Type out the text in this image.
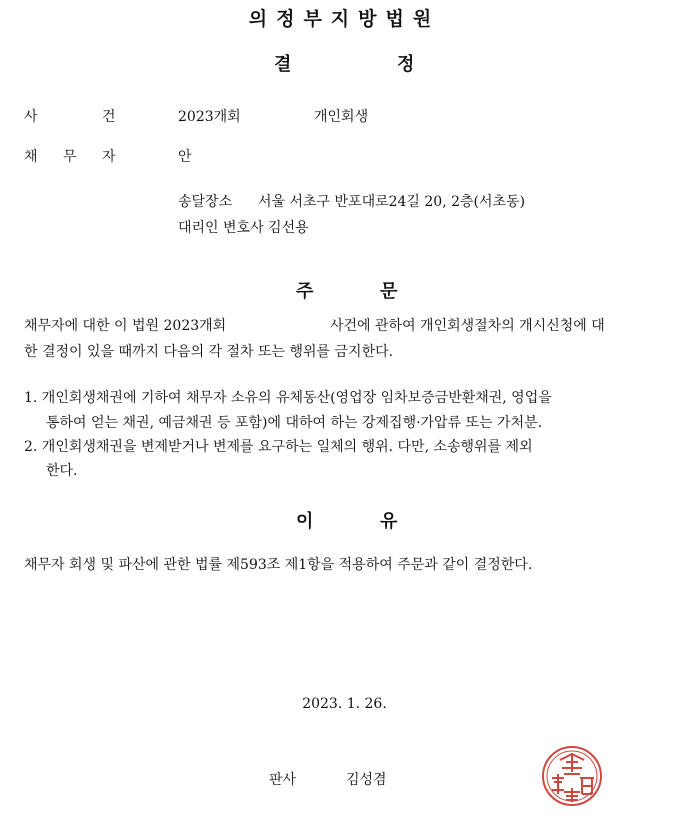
의정부지방법원
결	정
사	건	2023개회	개인회생
채 무 자	안
송달장소 서울 서초구 반포대로24길 20, 2층(서초동)
대리인 변호사 김선용
주	문
채무자에 대한 이 법원 2023개회	사건에 관하여 개인회생절차의 개시신청에 대
한 결정이 있을 때까지 다음의 각 절차 또는 행위를 금지한다.
1. 개인회생채권에 기하여 채무자 소유의 유체동산(영업장 임차보증금반환채권, 영업을
통하여 얻는 채권, 예금채권 등 포함)에 대하여 하는 강제집행·가압류 또는 가처분.
2. 개인회생채권을 변제받거나 변제를 요구하는 일체의 행위. 다만, 소송행위를 제외
한다.
이	유
채무자 회생 및 파산에 관한 법률 제593조 제1항을 적용하여 주문과 같이 결정한다.
2023. 1. 26.
판사	김성겸
